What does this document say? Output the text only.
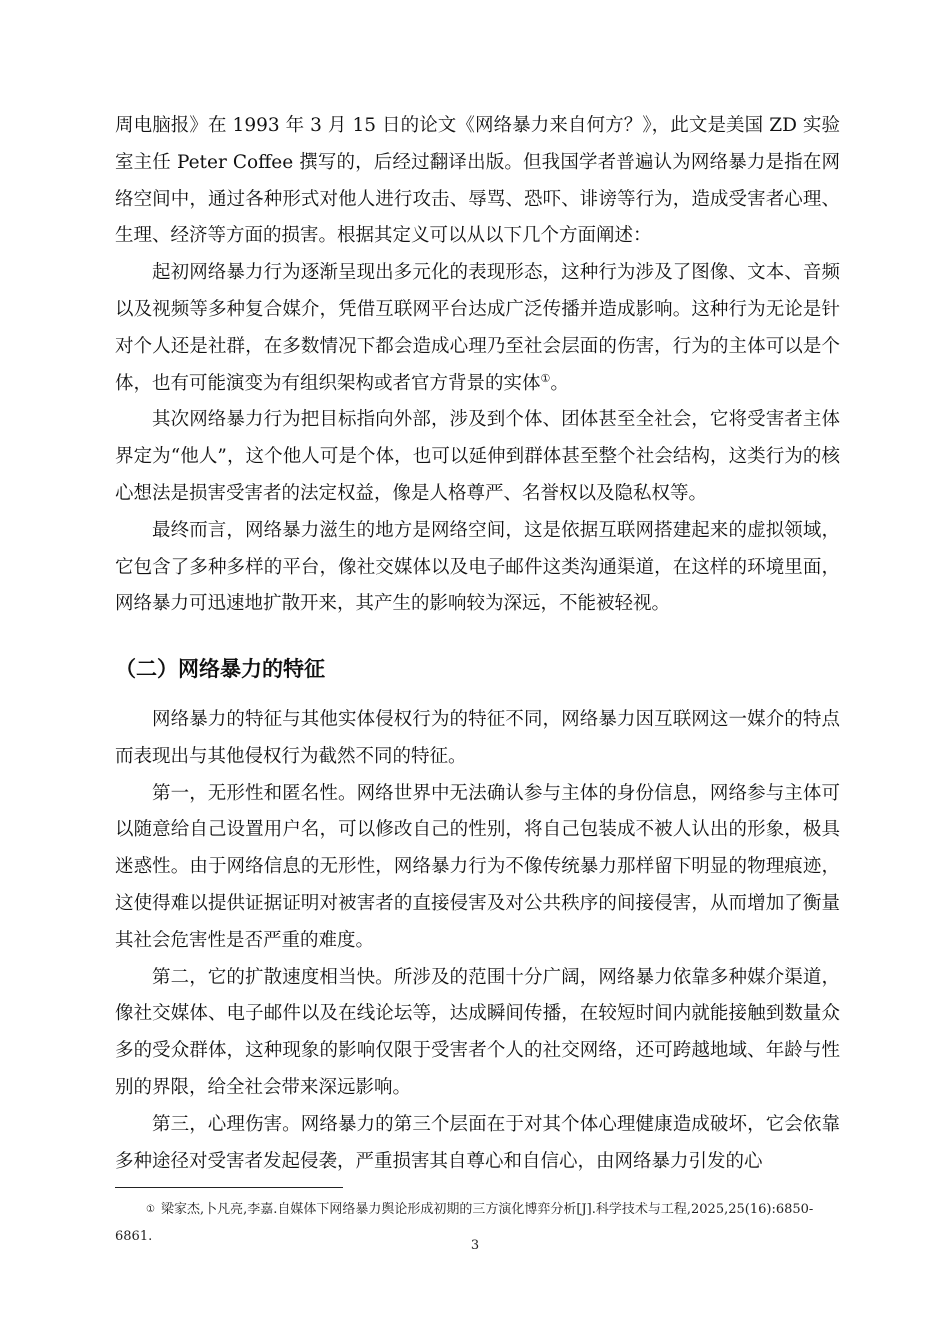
周电脑报》在 1993 年 3 月 15 日的论文《网络暴力来自何方？》，此文是美国 ZD 实验室主任 Peter Coffee 撰写的，后经过翻译出版。但我国学者普遍认为网络暴力是指在网络空间中，通过各种形式对他人进行攻击、辱骂、恐吓、诽谤等行为，造成受害者心理、生理、经济等方面的损害。根据其定义可以从以下几个方面阐述：

起初网络暴力行为逐渐呈现出多元化的表现形态，这种行为涉及了图像、文本、音频以及视频等多种复合媒介，凭借互联网平台达成广泛传播并造成影响。这种行为无论是针对个人还是社群，在多数情况下都会造成心理乃至社会层面的伤害，行为的主体可以是个体，也有可能演变为有组织架构或者官方背景的实体①。

其次网络暴力行为把目标指向外部，涉及到个体、团体甚至全社会，它将受害者主体界定为“他人”，这个他人可是个体，也可以延伸到群体甚至整个社会结构，这类行为的核心想法是损害受害者的法定权益，像是人格尊严、名誉权以及隐私权等。

最终而言，网络暴力滋生的地方是网络空间，这是依据互联网搭建起来的虚拟领域，它包含了多种多样的平台，像社交媒体以及电子邮件这类沟通渠道，在这样的环境里面，网络暴力可迅速地扩散开来，其产生的影响较为深远，不能被轻视。

（二）网络暴力的特征

网络暴力的特征与其他实体侵权行为的特征不同，网络暴力因互联网这一媒介的特点而表现出与其他侵权行为截然不同的特征。

第一，无形性和匿名性。网络世界中无法确认参与主体的身份信息，网络参与主体可以随意给自己设置用户名，可以修改自己的性别，将自己包装成不被人认出的形象，极具迷惑性。由于网络信息的无形性，网络暴力行为不像传统暴力那样留下明显的物理痕迹，这使得难以提供证据证明对被害者的直接侵害及对公共秩序的间接侵害，从而增加了衡量其社会危害性是否严重的难度。

第二，它的扩散速度相当快。所涉及的范围十分广阔，网络暴力依靠多种媒介渠道，像社交媒体、电子邮件以及在线论坛等，达成瞬间传播，在较短时间内就能接触到数量众多的受众群体，这种现象的影响仅限于受害者个人的社交网络，还可跨越地域、年龄与性别的界限，给全社会带来深远影响。

第三，心理伤害。网络暴力的第三个层面在于对其个体心理健康造成破坏，它会依靠多种途径对受害者发起侵袭，严重损害其自尊心和自信心，由网络暴力引发的心

① 梁家杰,卜凡亮,李嘉.自媒体下网络暴力舆论形成初期的三方演化博弈分析[J].科学技术与工程,2025,25(16):6850-6861.
3
